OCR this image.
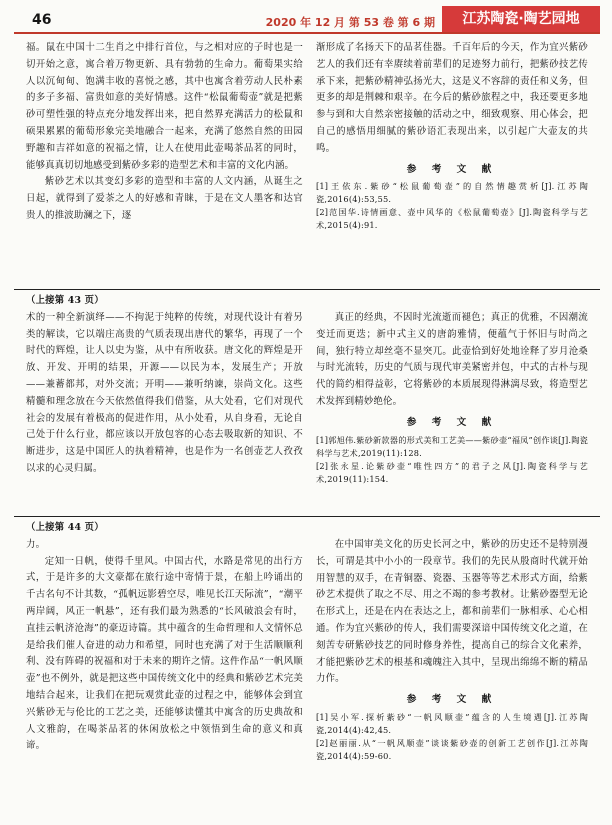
46	2020 年 12 月 第 53 卷 第 6 期	江苏陶瓷·陶艺园地

福。鼠在中国十二生肖之中排行首位，与之相对应的子时也是一切开始之意，寓合着万物更新、具有勃勃的生命力。葡萄果实给人以沉甸甸、饱满丰收的喜悦之感，其中也寓含着劳动人民朴素的多子多福、富贵如意的美好情感。这件“松鼠葡萄壶”就是把紫砂可塑性强的特点充分地发挥出来，把自然界充满活力的松鼠和硕果累累的葡萄形象完美地融合一起来，充满了悠然自然的田园野趣和吉祥如意的祝福之情，让人在使用此壶喝茶品茗的同时，能够真真切切地感受到紫砂多彩的造型艺术和丰富的文化内涵。

紫砂艺术以其变幻多彩的造型和丰富的人文内涵，从诞生之日起，就得到了爱茶之人的好感和青睐，于是在文人墨客和达官贵人的推波助澜之下，逐

渐形成了名扬天下的品茗佳器。千百年后的今天，作为宜兴紫砂艺人的我们还有幸赓续着前辈们的足迹努力前行，把紫砂技艺传承下来，把紫砂精神弘扬光大，这是义不容辞的责任和义务，但更多的却是荆棘和艰辛。在今后的紫砂旅程之中，我还要更多地参与到和大自然亲密接触的活动之中，细致观察、用心体会，把自己的感悟用细腻的紫砂语汇表现出来，以引起广大壶友的共鸣。

参 考 文 献

[1]王依东.紫砂“松鼠葡萄壶”的自然情趣赏析[J].江苏陶瓷,2016(4):53,55.

[2]范国华.诗情画意、壶中风华的《松鼠葡萄壶》[J].陶瓷科学与艺术,2015(4):91.

（上接第 43 页）

术的一种全新演绎——不拘泥于纯粹的传统，对现代设计有着另类的解读，它以端庄高贵的气质表现出唐代的繁华，再现了一个时代的辉煌，让人以史为鉴，从中有所收获。唐文化的辉煌是开放、开发、开明的结果，开源——以民为本，发展生产；开放——兼蓄都邦，对外交流；开明——兼听纳谏，崇尚文化。这些精髓和理念放在今天依然值得我们借鉴，从大处看，它们对现代社会的发展有着极高的促进作用，从小处看，从自身看，无论自己处于什么行业，都应该以开放包容的心态去吸取新的知识、不断进步，这是中国匠人的执着精神，也是作为一名创壶艺人孜孜以求的心灵归属。

真正的经典，不因时光流逝而褪色；真正的优雅，不因潮流变迁而更迭；新中式主义的唐韵雅情，便蕴气于怀旧与时尚之间，独行特立却丝毫不显突兀。此壶恰到好处地诠释了岁月沧桑与时光流转，历史的气质与现代审美紧密并包，中式的古朴与现代的简约相得益彰，它将紫砂的本质展现得淋漓尽致，将造型艺术发挥到精妙绝伦。

参 考 文 献

[1]郭旭伟.紫砂新款器的形式美和工艺美——紫砂壶“福凤”创作谈[J].陶瓷科学与艺术,2019(11):128.

[2]张永星.论紫砂壶“唯性四方”的君子之风[J].陶瓷科学与艺术,2019(11):154.

（上接第 44 页）

力。

定知一日帆，使得千里风。中国古代，水路是常见的出行方式，于是许多的大文豪都在旅行途中寄情于景，在船上吟诵出的千古名句不计其数，“孤帆远影碧空尽，唯见长江天际流”，“潮平两岸阔，风正一帆悬”，还有我们最为熟悉的“长风破浪会有时，直挂云帆济沧海”的豪迈诗篇。其中蕴含的生命哲理和人文情怀总是给我们催人奋进的动力和希望，同时也充满了对于生活顺顺利利、没有阵碍的祝福和对于未来的期许之情。这件作品“一帆风顺壶”也不例外，就是把这些中国传统文化中的经典和紫砂艺术完美地结合起来，让我们在把玩观赏此壶的过程之中，能够体会到宜兴紫砂无与伦比的工艺之美，还能够读懂其中寓含的历史典故和人文雅韵，在喝茶品茗的休闲放松之中领悟到生命的意义和真谛。

在中国审美文化的历史长河之中，紫砂的历史还不是特别漫长，可谓是其中小小的一段章节。我们的先民从殷商时代就开始用智慧的双手，在青铜器、瓷器、玉器等等艺术形式方面，给紫砂艺术提供了取之不尽、用之不竭的参考教材。让紫砂器型无论在形式上，还是在内在表达之上，都和前辈们一脉相承、心心相通。作为宜兴紫砂的传人，我们需要深谙中国传统文化之道，在刻苦专研紫砂技艺的同时修身养性，提高自己的综合文化素养，才能把紫砂艺术的根基和魂魄注入其中，呈现出绵绵不断的精品力作。

参 考 文 献

[1]吴小军.探析紫砂“一帆风顺壶”蕴含的人生境遇[J].江苏陶瓷,2014(4):42,45.

[2]赵丽丽.从“一帆风顺壶”谈谈紫砂壶的创新工艺创作[J].江苏陶瓷,2014(4):59-60.
